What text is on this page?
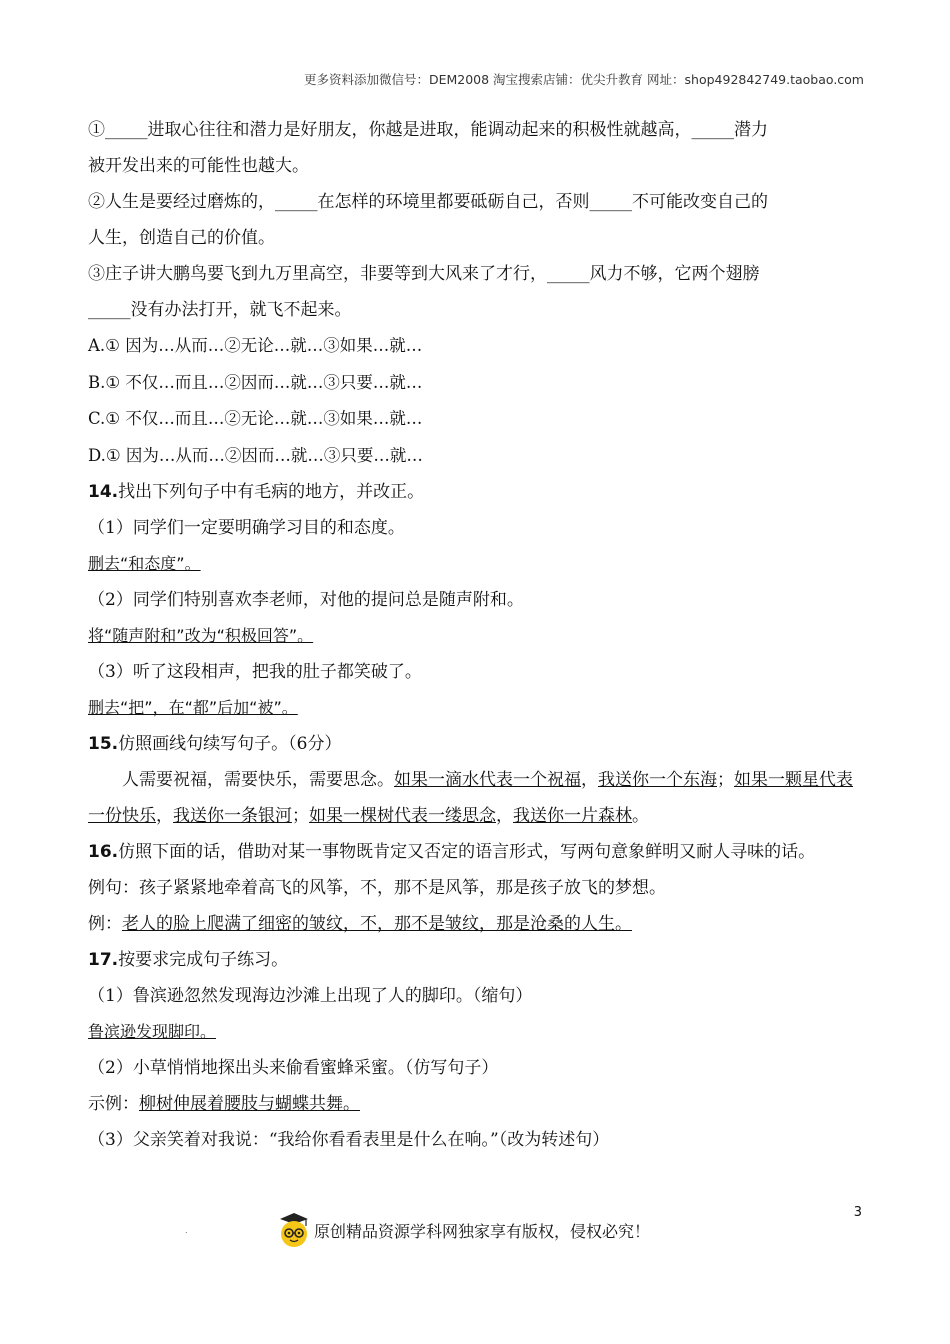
更多资料添加微信号：DEM2008 淘宝搜索店铺：优尖升教育 网址：shop492842749.taobao.com
①_____进取心往往和潜力是好朋友，你越是进取，能调动起来的积极性就越高，_____潜力
被开发出来的可能性也越大。
②人生是要经过磨炼的，_____在怎样的环境里都要砥砺自己，否则_____不可能改变自己的
人生，创造自己的价值。
③庄子讲大鹏鸟要飞到九万里高空，非要等到大风来了才行，_____风力不够，它两个翅膀
_____没有办法打开，就飞不起来。
A.① 因为…从而…②无论…就…③如果…就…
B.① 不仅…而且…②因而…就…③只要…就…
C.① 不仅…而且…②无论…就…③如果…就…
D.① 因为…从而…②因而…就…③只要…就…
14.找出下列句子中有毛病的地方，并改正。
（1）同学们一定要明确学习目的和态度。
删去“和态度”。
（2）同学们特别喜欢李老师，对他的提问总是随声附和。
将“随声附和”改为“积极回答”。
（3）听了这段相声，把我的肚子都笑破了。
删去“把”，在“都”后加“被”。
15.仿照画线句续写句子。（6分）
人需要祝福，需要快乐，需要思念。如果一滴水代表一个祝福，我送你一个东海；如果一颗星代表一份快乐，我送你一条银河；如果一棵树代表一缕思念，我送你一片森林。
16.仿照下面的话，借助对某一事物既肯定又否定的语言形式，写两句意象鲜明又耐人寻味的话。
例句：孩子紧紧地牵着高飞的风筝，不，那不是风筝，那是孩子放飞的梦想。
例：老人的脸上爬满了细密的皱纹，不，那不是皱纹，那是沧桑的人生。
17.按要求完成句子练习。
（1）鲁滨逊忽然发现海边沙滩上出现了人的脚印。（缩句）
鲁滨逊发现脚印。
（2）小草悄悄地探出头来偷看蜜蜂采蜜。（仿写句子）
示例：柳树伸展着腰肢与蝴蝶共舞。
（3）父亲笑着对我说：“我给你看看表里是什么在响。”（改为转述句）
.	原创精品资源学科网独家享有版权，侵权必究！
3
